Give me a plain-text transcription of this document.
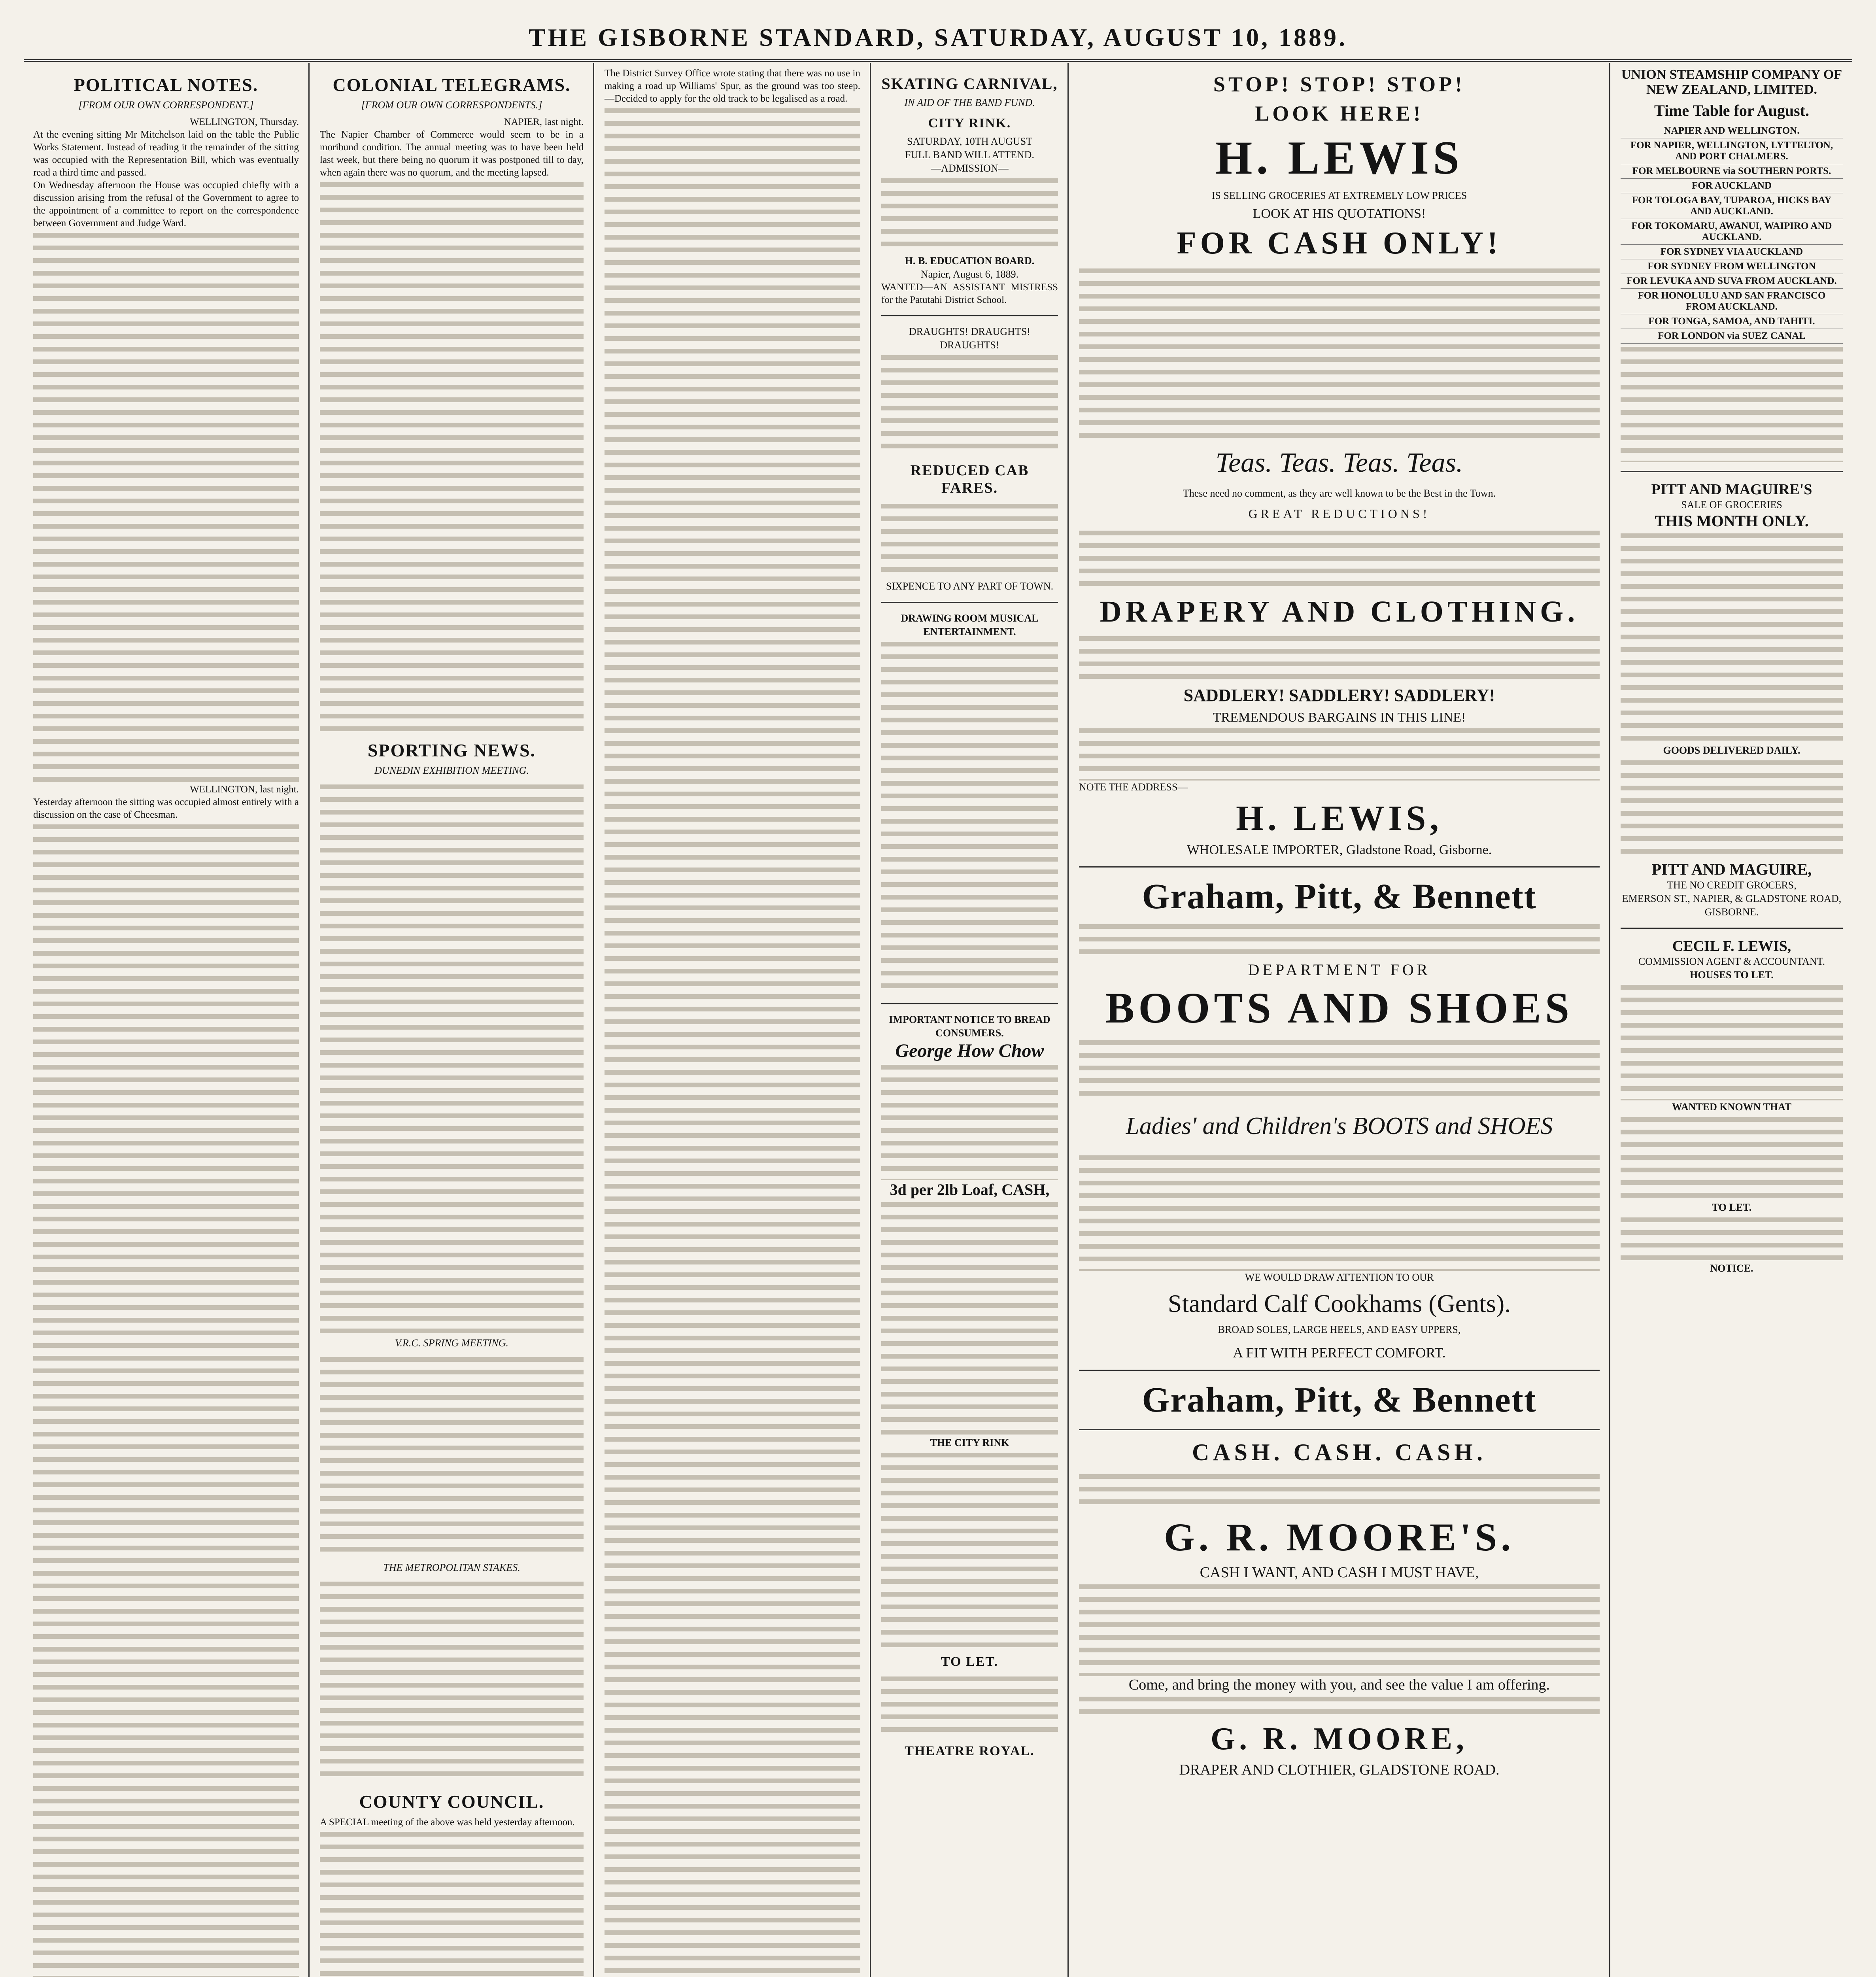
THE GISBORNE STANDARD, SATURDAY, AUGUST 10, 1889.
POLITICAL NOTES.
[FROM OUR OWN CORRESPONDENT.]

WELLINGTON, Thursday.

At the evening sitting Mr Mitchelson laid on the table the Public Works Statement. Instead of reading it the remainder of the sitting was occupied with the Representation Bill, which was eventually read a third time and passed.

On Wednesday afternoon the House was occupied chiefly with a discussion arising from the refusal of the Government to agree to the appointment of a committee to report on the correspondence between Government and Judge Ward.

WELLINGTON, last night.

Yesterday afternoon the sitting was occupied almost entirely with a discussion on the case of Cheesman.

COLONIAL TELEGRAMS.
[FROM OUR OWN CORRESPONDENTS.]

NAPIER, last night.

The Napier Chamber of Commerce would seem to be in a moribund condition. The annual meeting was to have been held last week, but there being no quorum it was postponed till to day, when again there was no quorum, and the meeting lapsed.

SPORTING NEWS.
DUNEDIN EXHIBITION MEETING.
V.R.C. SPRING MEETING.
THE METROPOLITAN STAKES.
COUNTY COUNCIL.

A SPECIAL meeting of the above was held yesterday afternoon.

The District Survey Office wrote stating that there was no use in making a road up Williams' Spur, as the ground was too steep.—Decided to apply for the old track to be legalised as a road.

SKATING CARNIVAL,
IN AID OF THE BAND FUND.
CITY RINK.
SATURDAY, 10TH AUGUST
FULL BAND WILL ATTEND.
—ADMISSION—
H. B. EDUCATION BOARD.
Napier, August 6, 1889.

WANTED—AN ASSISTANT MISTRESS for the Patutahi District School.

DRAUGHTS! DRAUGHTS! DRAUGHTS!
REDUCED CAB FARES.
SIXPENCE TO ANY PART OF TOWN.
DRAWING ROOM MUSICAL ENTERTAINMENT.
IMPORTANT NOTICE TO BREAD CONSUMERS.
George How Chow
3d per 2lb Loaf, CASH,
THE CITY RINK
TO LET.
THEATRE ROYAL.
STOP! STOP! STOP!
LOOK HERE!
H. LEWIS
IS SELLING GROCERIES AT EXTREMELY LOW PRICES
LOOK AT HIS QUOTATIONS!
FOR CASH ONLY!
Teas. Teas. Teas. Teas.
These need no comment, as they are well known to be the Best in the Town.
GREAT REDUCTIONS!
DRAPERY AND CLOTHING.
SADDLERY! SADDLERY! SADDLERY!
TREMENDOUS BARGAINS IN THIS LINE!
NOTE THE ADDRESS—
H. LEWIS,
WHOLESALE IMPORTER, Gladstone Road, Gisborne.
Graham, Pitt, & Bennett
DEPARTMENT FOR
BOOTS AND SHOES
Ladies' and Children's BOOTS and SHOES
WE WOULD DRAW ATTENTION TO OUR
Standard Calf Cookhams (Gents).
BROAD SOLES, LARGE HEELS, AND EASY UPPERS,
A FIT WITH PERFECT COMFORT.
Graham, Pitt, & Bennett
CASH. CASH. CASH.
G. R. MOORE'S.
CASH I WANT, AND CASH I MUST HAVE,
Come, and bring the money with you, and see the value I am offering.
G. R. MOORE,
DRAPER AND CLOTHIER, GLADSTONE ROAD.
UNION STEAMSHIP COMPANY OF NEW ZEALAND, LIMITED.
Time Table for August.
NAPIER AND WELLINGTON.
FOR NAPIER, WELLINGTON, LYTTELTON, AND PORT CHALMERS.
FOR MELBOURNE via SOUTHERN PORTS.
FOR AUCKLAND
FOR TOLOGA BAY, TUPAROA, HICKS BAY AND AUCKLAND.
FOR TOKOMARU, AWANUI, WAIPIRO AND AUCKLAND.
FOR SYDNEY VIA AUCKLAND
FOR SYDNEY FROM WELLINGTON
FOR LEVUKA AND SUVA FROM AUCKLAND.
FOR HONOLULU AND SAN FRANCISCO FROM AUCKLAND.
FOR TONGA, SAMOA, AND TAHITI.
FOR LONDON via SUEZ CANAL
PITT AND MAGUIRE'S
SALE OF GROCERIES
THIS MONTH ONLY.
GOODS DELIVERED DAILY.
PITT AND MAGUIRE,
THE NO CREDIT GROCERS,
EMERSON ST., NAPIER, & GLADSTONE ROAD, GISBORNE.
CECIL F. LEWIS,
COMMISSION AGENT & ACCOUNTANT.
HOUSES TO LET.
WANTED KNOWN THAT
TO LET.
NOTICE.
